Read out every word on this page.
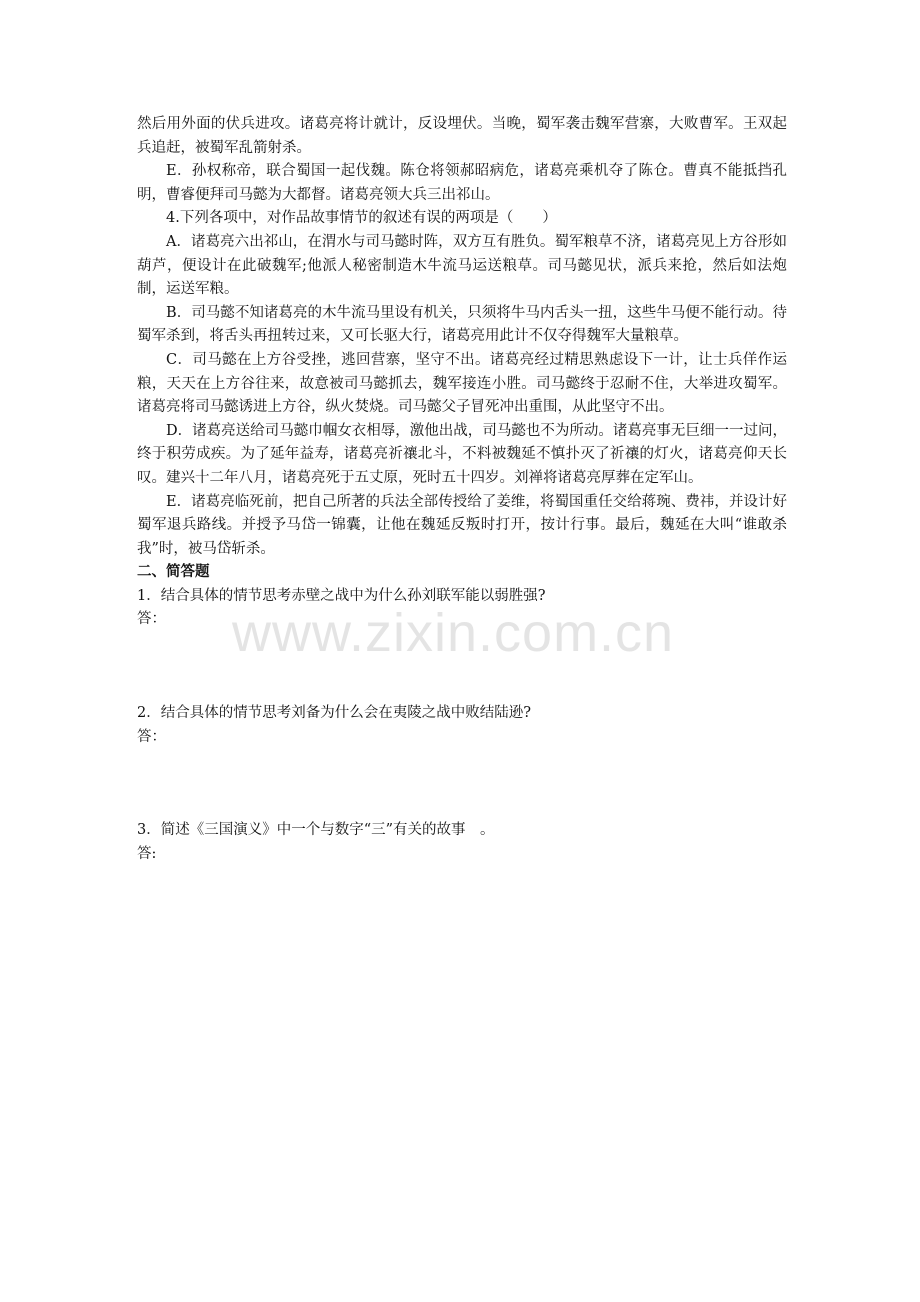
然后用外面的伏兵进攻。诸葛亮将计就计，反设埋伏。当晚，蜀军袭击魏军营寨，大败曹军。王双起兵追赶，被蜀军乱箭射杀。

E．孙权称帝，联合蜀国一起伐魏。陈仓将领郝昭病危，诸葛亮乘机夺了陈仓。曹真不能抵挡孔明，曹睿便拜司马懿为大都督。诸葛亮领大兵三出祁山。

4.下列各项中，对作品故事情节的叙述有误的两项是（　　）

A．诸葛亮六出祁山，在渭水与司马懿时阵，双方互有胜负。蜀军粮草不济，诸葛亮见上方谷形如葫芦，便设计在此破魏军;他派人秘密制造木牛流马运送粮草。司马懿见状，派兵来抢，然后如法炮制，运送军粮。

B．司马懿不知诸葛亮的木牛流马里设有机关，只须将牛马内舌头一扭，这些牛马便不能行动。待蜀军杀到，将舌头再扭转过来，又可长驱大行，诸葛亮用此计不仅夺得魏军大量粮草。

C．司马懿在上方谷受挫，逃回营寨，坚守不出。诸葛亮经过精思熟虑设下一计，让士兵佯作运粮，天天在上方谷往来，故意被司马懿抓去，魏军接连小胜。司马懿终于忍耐不住，大举进攻蜀军。诸葛亮将司马懿诱进上方谷，纵火焚烧。司马懿父子冒死冲出重围，从此坚守不出。

D．诸葛亮送给司马懿巾帼女衣相辱，激他出战，司马懿也不为所动。诸葛亮事无巨细一一过问，终于积劳成疾。为了延年益寿，诸葛亮祈禳北斗，不料被魏延不慎扑灭了祈禳的灯火，诸葛亮仰天长叹。建兴十二年八月，诸葛亮死于五丈原，死时五十四岁。刘禅将诸葛亮厚葬在定军山。

E．诸葛亮临死前，把自己所著的兵法全部传授给了姜维，将蜀国重任交给蒋琬、费祎，并设计好蜀军退兵路线。并授予马岱一锦囊，让他在魏延反叛时打开，按计行事。最后，魏延在大叫“谁敢杀我”时，被马岱斩杀。

二、简答题

1．结合具体的情节思考赤壁之战中为什么孙刘联军能以弱胜强?

答：

2．结合具体的情节思考刘备为什么会在夷陵之战中败结陆逊?

答：

3．简述《三国演义》中一个与数字“三”有关的故事　。

答:

www.zixin.com.cn
